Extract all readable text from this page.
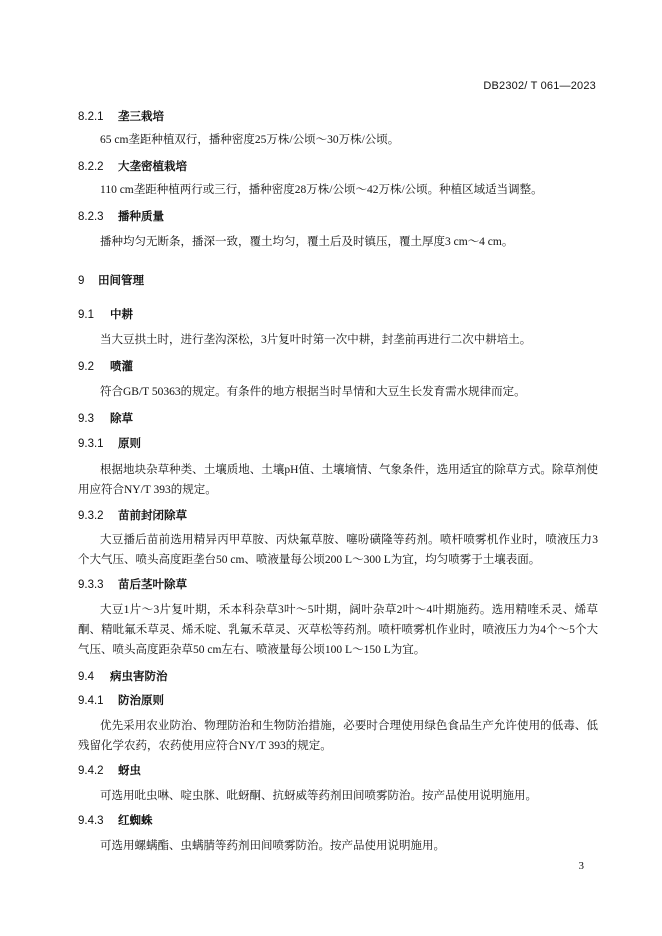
DB2302/ T 061—2023
8.2.1 垄三栽培
65 cm垄距种植双行，播种密度25万株/公顷～30万株/公顷。
8.2.2 大垄密植栽培
110 cm垄距种植两行或三行，播种密度28万株/公顷～42万株/公顷。种植区域适当调整。
8.2.3 播种质量
播种均匀无断条，播深一致，覆土均匀，覆土后及时镇压，覆土厚度3 cm～4 cm。
9 田间管理
9.1 中耕
当大豆拱土时，进行垄沟深松，3片复叶时第一次中耕，封垄前再进行二次中耕培土。
9.2 喷灌
符合GB/T 50363的规定。有条件的地方根据当时旱情和大豆生长发育需水规律而定。
9.3 除草
9.3.1 原则
根据地块杂草种类、土壤质地、土壤pH值、土壤墒情、气象条件，选用适宜的除草方式。除草剂使用应符合NY/T 393的规定。
9.3.2 苗前封闭除草
大豆播后苗前选用精异丙甲草胺、丙炔氟草胺、噻吩磺隆等药剂。喷杆喷雾机作业时，喷液压力3个大气压、喷头高度距垄台50 cm、喷液量每公顷200 L～300 L为宜，均匀喷雾于土壤表面。
9.3.3 苗后茎叶除草
大豆1片～3片复叶期，禾本科杂草3叶～5叶期，阔叶杂草2叶～4叶期施药。选用精喹禾灵、烯草酮、精吡氟禾草灵、烯禾啶、乳氟禾草灵、灭草松等药剂。喷杆喷雾机作业时，喷液压力为4个～5个大气压、喷头高度距杂草50 cm左右、喷液量每公顷100 L～150 L为宜。
9.4 病虫害防治
9.4.1 防治原则
优先采用农业防治、物理防治和生物防治措施，必要时合理使用绿色食品生产允许使用的低毒、低残留化学农药，农药使用应符合NY/T 393的规定。
9.4.2 蚜虫
可选用吡虫啉、啶虫脒、吡蚜酮、抗蚜威等药剂田间喷雾防治。按产品使用说明施用。
9.4.3 红蜘蛛
可选用螺螨酯、虫螨腈等药剂田间喷雾防治。按产品使用说明施用。
3
